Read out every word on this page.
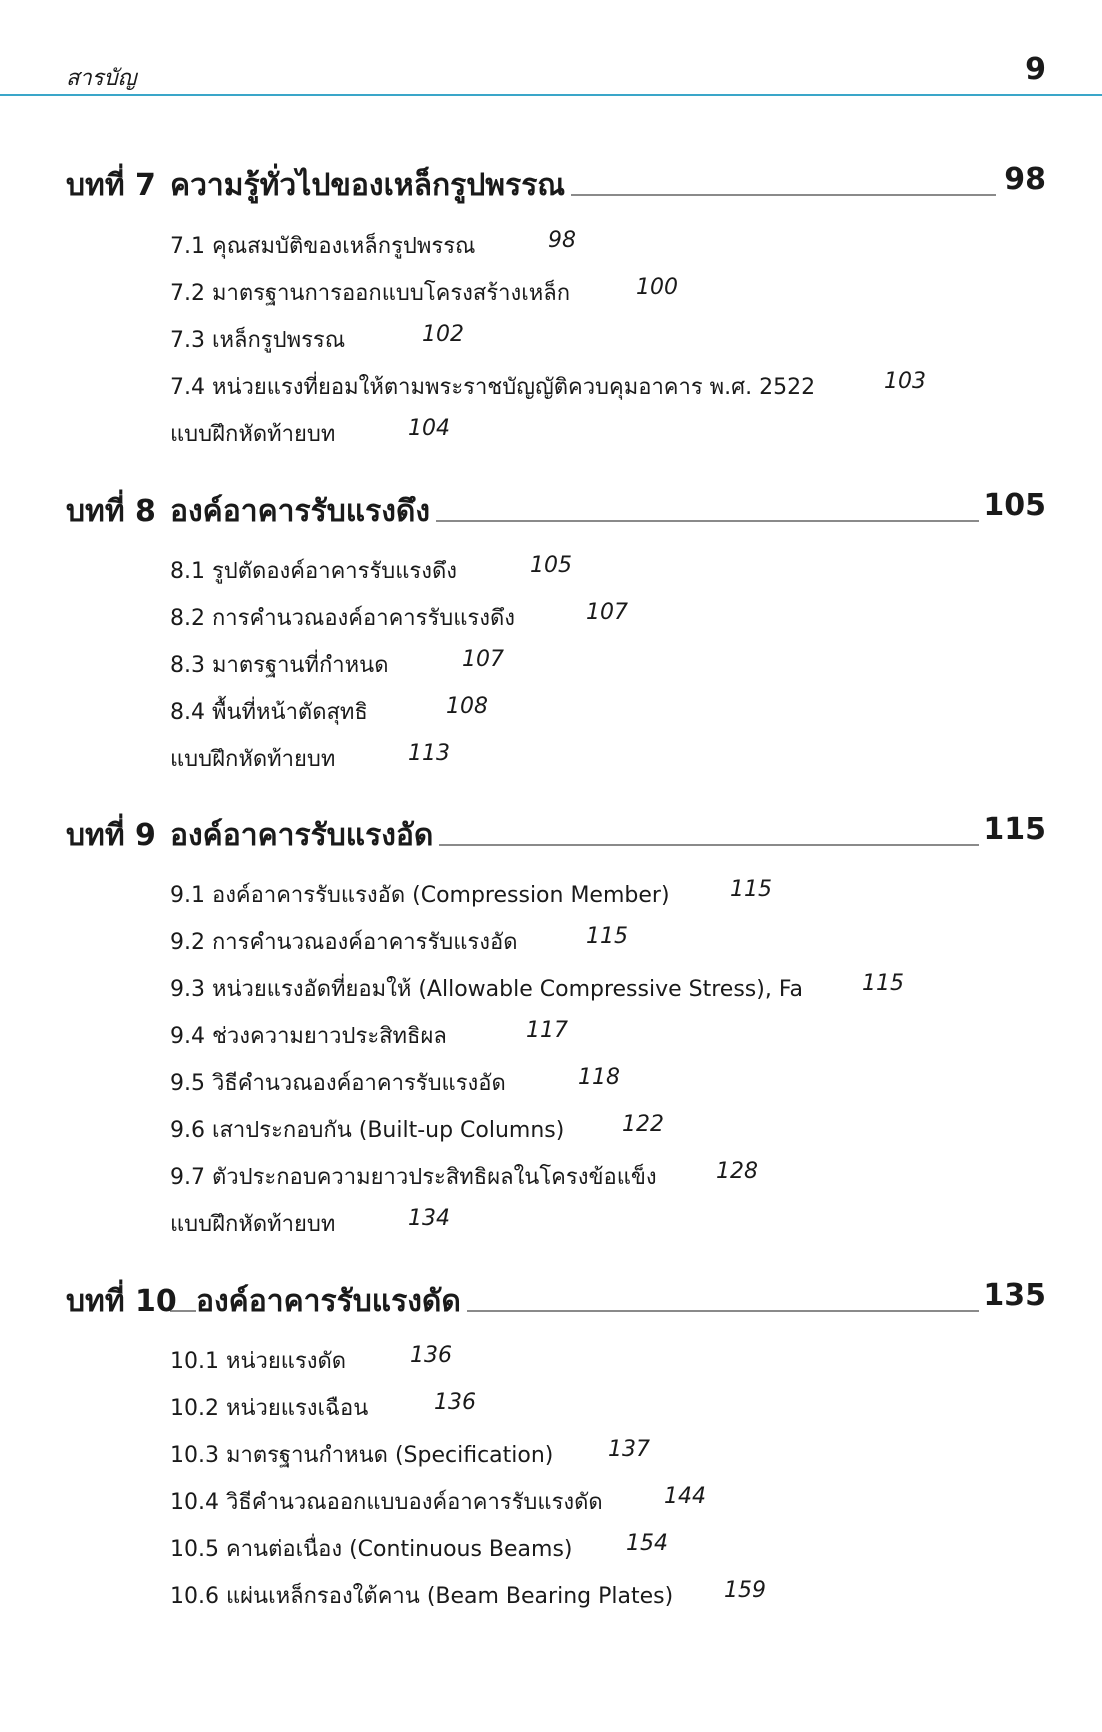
สารบัญ	9
บทที่ 7 ความรู้ทั่วไปของเหล็กรูปพรรณ	98
7.1 คุณสมบัติของเหล็กรูปพรรณ	98
7.2 มาตรฐานการออกแบบโครงสร้างเหล็ก	100
7.3 เหล็กรูปพรรณ	102
7.4 หน่วยแรงที่ยอมให้ตามพระราชบัญญัติควบคุมอาคาร พ.ศ. 2522	103
แบบฝึกหัดท้ายบท	104
บทที่ 8 องค์อาคารรับแรงดึง	105
8.1 รูปตัดองค์อาคารรับแรงดึง	105
8.2 การคำนวณองค์อาคารรับแรงดึง	107
8.3 มาตรฐานที่กำหนด	107
8.4 พื้นที่หน้าตัดสุทธิ	108
แบบฝึกหัดท้ายบท	113
บทที่ 9 องค์อาคารรับแรงอัด	115
9.1 องค์อาคารรับแรงอัด (Compression Member)	115
9.2 การคำนวณองค์อาคารรับแรงอัด	115
9.3 หน่วยแรงอัดที่ยอมให้ (Allowable Compressive Stress), Fa	115
9.4 ช่วงความยาวประสิทธิผล	117
9.5 วิธีคำนวณองค์อาคารรับแรงอัด	118
9.6 เสาประกอบกัน (Built-up Columns)	122
9.7 ตัวประกอบความยาวประสิทธิผลในโครงข้อแข็ง	128
แบบฝึกหัดท้ายบท	134
บทที่ 10 องค์อาคารรับแรงดัด	135
10.1 หน่วยแรงดัด	136
10.2 หน่วยแรงเฉือน	136
10.3 มาตรฐานกำหนด (Specification) 137
10.4 วิธีคำนวณออกแบบองค์อาคารรับแรงดัด	144
10.5 คานต่อเนื่อง (Continuous Beams) 154
10.6 แผ่นเหล็กรองใต้คาน (Beam Bearing Plates) 159
